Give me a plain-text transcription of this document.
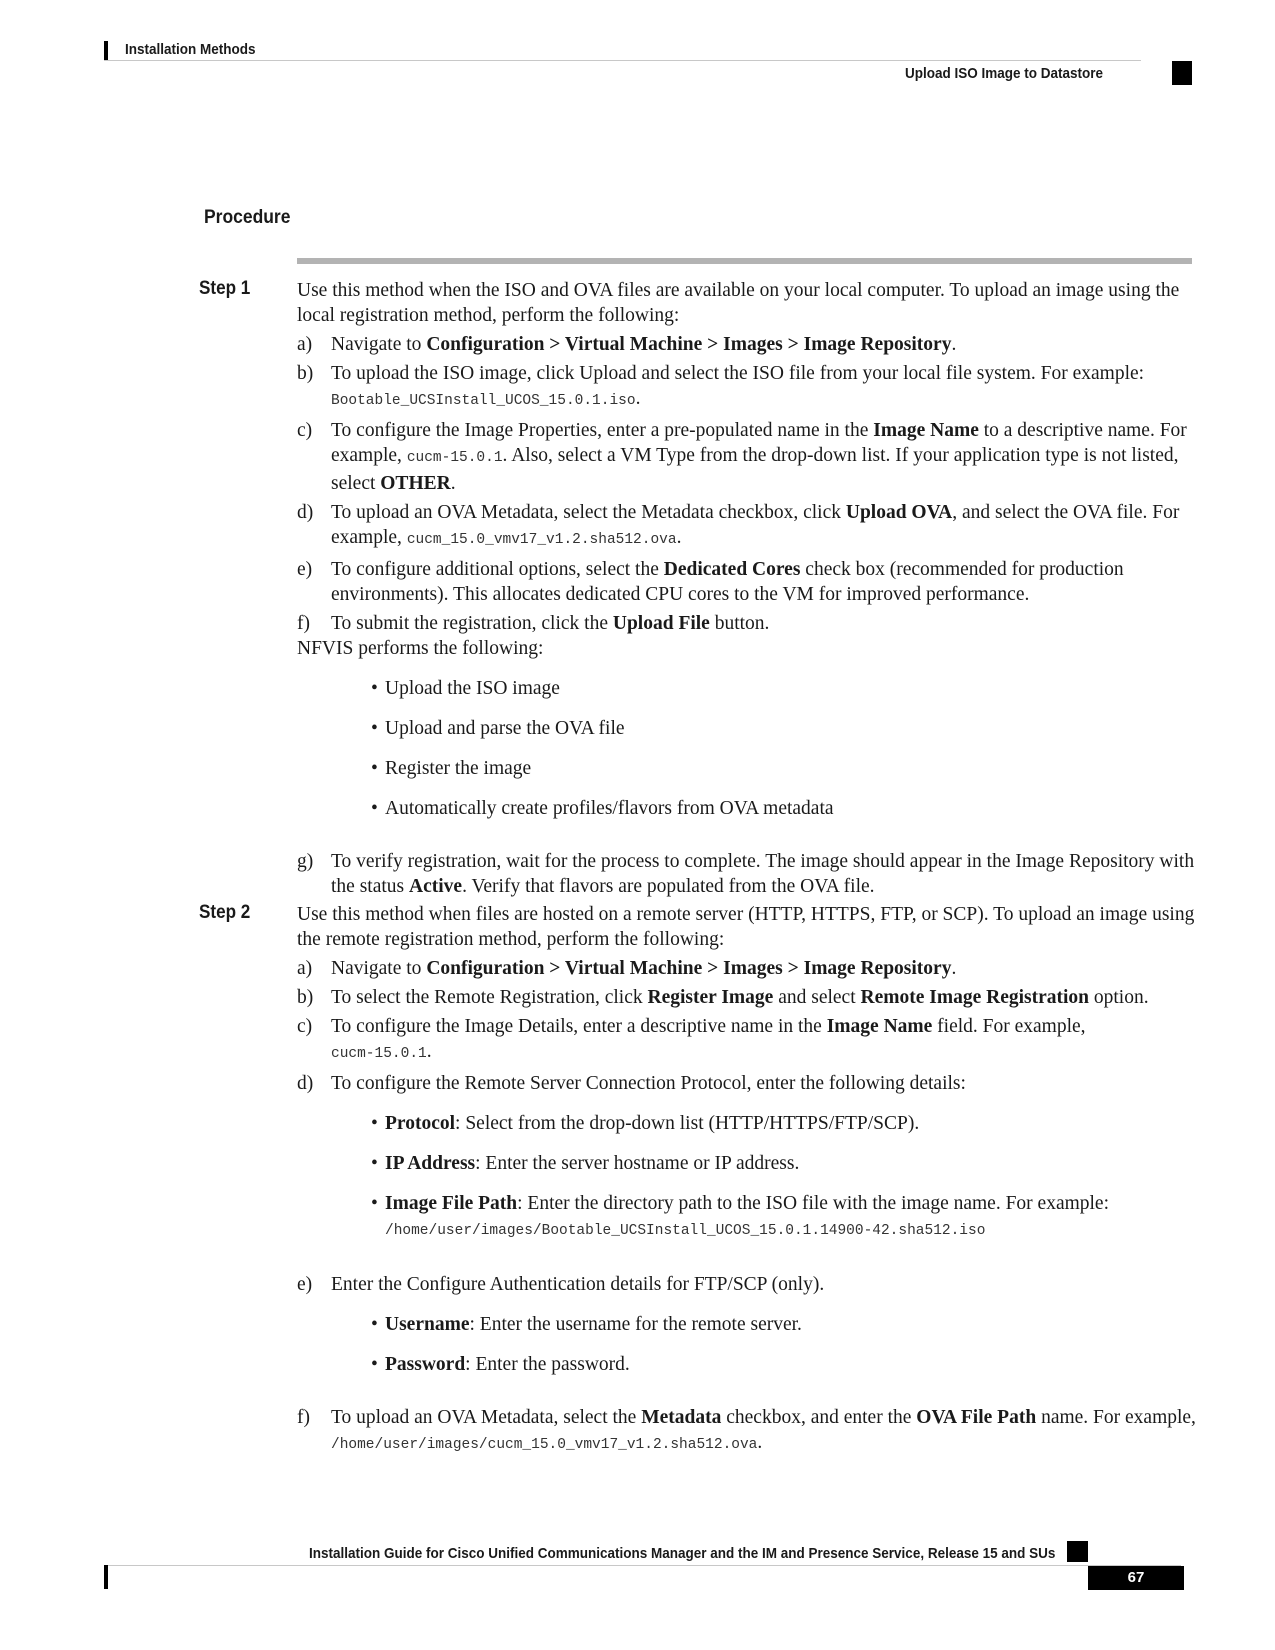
Installation Methods
Upload ISO Image to Datastore
Procedure
Step 1 Use this method when the ISO and OVA files are available on your local computer. To upload an image using the local registration method, perform the following:

a) Navigate to Configuration > Virtual Machine > Images > Image Repository.
b) To upload the ISO image, click Upload and select the ISO file from your local file system. For example:
Bootable_UCSInstall_UCOS_15.0.1.iso.
c) To configure the Image Properties, enter a pre-populated name in the Image Name to a descriptive name. For example, cucm-15.0.1. Also, select a VM Type from the drop-down list. If your application type is not listed, select OTHER.
d) To upload an OVA Metadata, select the Metadata checkbox, click Upload OVA, and select the OVA file. For example, cucm_15.0_vmv17_v1.2.sha512.ova.
e) To configure additional options, select the Dedicated Cores check box (recommended for production environments). This allocates dedicated CPU cores to the VM for improved performance.
f) To submit the registration, click the Upload File button.

NFVIS performs the following:

• Upload the ISO image
• Upload and parse the OVA file
• Register the image
• Automatically create profiles/flavors from OVA metadata
g) To verify registration, wait for the process to complete. The image should appear in the Image Repository with the status Active. Verify that flavors are populated from the OVA file.
Step 2 Use this method when files are hosted on a remote server (HTTP, HTTPS, FTP, or SCP). To upload an image using the remote registration method, perform the following:

a) Navigate to Configuration > Virtual Machine > Images > Image Repository.
b) To select the Remote Registration, click Register Image and select Remote Image Registration option.
c) To configure the Image Details, enter a descriptive name in the Image Name field. For example,
cucm-15.0.1.
d) To configure the Remote Server Connection Protocol, enter the following details:
• Protocol: Select from the drop-down list (HTTP/HTTPS/FTP/SCP).
• IP Address: Enter the server hostname or IP address.
• Image File Path: Enter the directory path to the ISO file with the image name. For example:
/home/user/images/Bootable_UCSInstall_UCOS_15.0.1.14900-42.sha512.iso
e) Enter the Configure Authentication details for FTP/SCP (only).
• Username: Enter the username for the remote server.
• Password: Enter the password.
f) To upload an OVA Metadata, select the Metadata checkbox, and enter the OVA File Path name. For example, /home/user/images/cucm_15.0_vmv17_v1.2.sha512.ova.
Installation Guide for Cisco Unified Communications Manager and the IM and Presence Service, Release 15 and SUs
67
